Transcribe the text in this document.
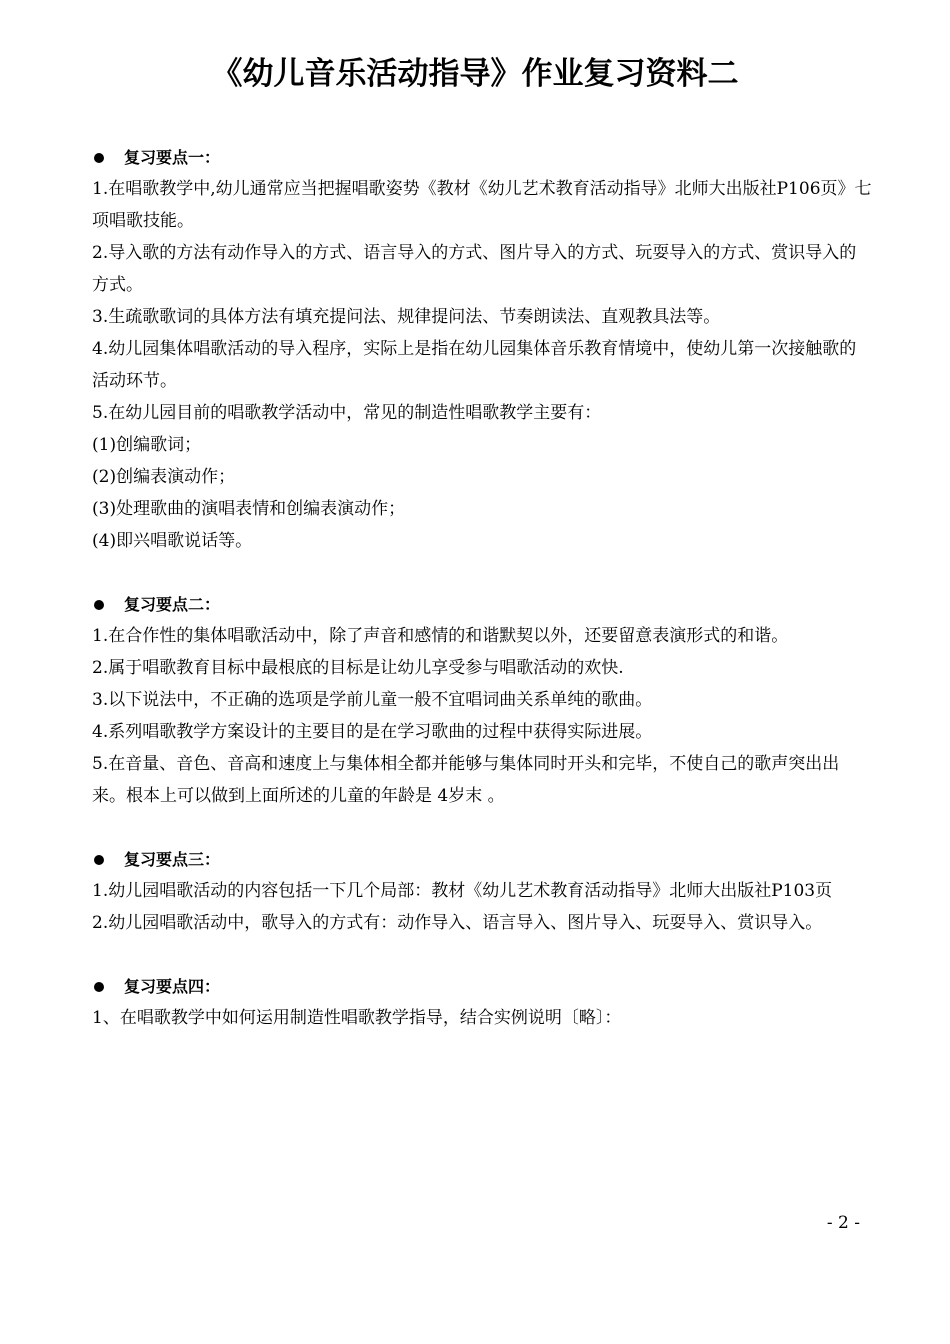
《幼儿音乐活动指导》作业复习资料二
复习要点一：

1.在唱歌教学中,幼儿通常应当把握唱歌姿势《教材《幼儿艺术教育活动指导》北师大出版社P106页》七项唱歌技能。

2.导入歌的方法有动作导入的方式、语言导入的方式、图片导入的方式、玩耍导入的方式、赏识导入的方式。

3.生疏歌歌词的具体方法有填充提问法、规律提问法、节奏朗读法、直观教具法等。

4.幼儿园集体唱歌活动的导入程序，实际上是指在幼儿园集体音乐教育情境中，使幼儿第一次接触歌的活动环节。

5.在幼儿园目前的唱歌教学活动中，常见的制造性唱歌教学主要有：

(1)创编歌词；

(2)创编表演动作；

(3)处理歌曲的演唱表情和创编表演动作；

(4)即兴唱歌说话等。

复习要点二：

1.在合作性的集体唱歌活动中，除了声音和感情的和谐默契以外，还要留意表演形式的和谐。

2.属于唱歌教育目标中最根底的目标是让幼儿享受参与唱歌活动的欢快.

3.以下说法中，不正确的选项是学前儿童一般不宜唱词曲关系单纯的歌曲。

4.系列唱歌教学方案设计的主要目的是在学习歌曲的过程中获得实际进展。

5.在音量、音色、音高和速度上与集体相全都并能够与集体同时开头和完毕，不使自己的歌声突出出来。根本上可以做到上面所述的儿童的年龄是 4岁末 。

复习要点三：

1.幼儿园唱歌活动的内容包括一下几个局部：教材《幼儿艺术教育活动指导》北师大出版社P103页

2.幼儿园唱歌活动中，歌导入的方式有：动作导入、语言导入、图片导入、玩耍导入、赏识导入。

复习要点四：

1、在唱歌教学中如何运用制造性唱歌教学指导，结合实例说明〔略〕：

- 2 -
